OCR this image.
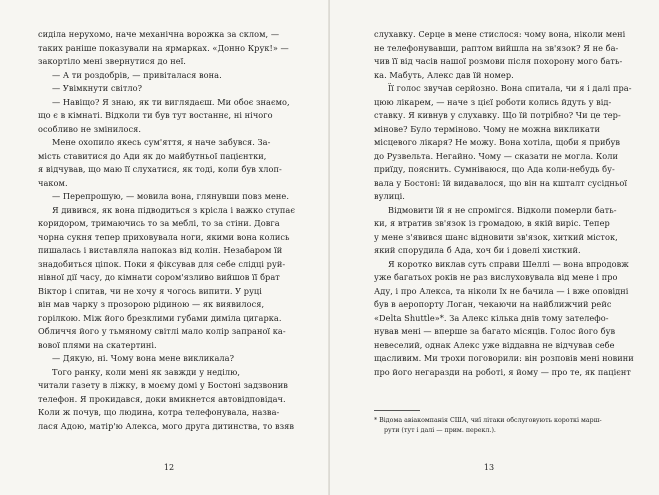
сиділа нерухомо, наче механічна ворожка за склом, —
таких раніше показували на ярмарках. «Донно Крук!» —
закортіло мені звернутися до неї.
— А ти роздобрів, — привіталася вона.
— Увімкнути світло?
— Навіщо? Я знаю, як ти виглядаєш. Ми обоє знаємо,
що є в кімнаті. Відколи ти був тут востаннє, ні нічого
особливо не змінилося.
Мене охопило якесь сум'яття, я наче забувся. За-
мість ставитися до Ади як до майбутньої пацієнтки,
я відчував, що маю її слухатися, як тоді, коли був хлоп-
чаком.
— Перепрошую, — мовила вона, глянувши повз мене.
Я дивився, як вона підводиться з крісла і важко ступає
коридором, тримаючись то за меблі, то за стіни. Довга
чорна сукня тепер приховувала ноги, якими вона колись
пишалась і виставляла напоказ від колін. Незабаром їй
знадобиться ціпок. Поки я фіксував для себе слідці руй-
нівної дії часу, до кімнати сором'язливо вийшов її брат
Віктор і спитав, чи не хочу я чогось випити. У руці
він мав чарку з прозорою рідиною — як виявилося,
горілкою. Між його брезклими губами диміла цигарка.
Обличчя його у тьмяному світлі мало колір запраної ка-
вової плями на скатертині.
— Дякую, ні. Чому вона мене викликала?
Того ранку, коли мені як завжди у неділю,
читали газету в ліжку, в моєму домі у Бостоні задзвонив
телефон. Я прокидався, доки вмикнется автовідповідач.
Коли ж почув, що людина, котра телефонувала, назва-
лася Адою, матір'ю Алекса, мого друга дитинства, то взяв
12
слухавку. Серце в мене стислося: чому вона, ніколи мені
не телефонувавши, раптом вийшла на зв'язок? Я не ба-
чив її від часів нашої розмови після похорону мого бать-
ка. Мабуть, Алекс дав їй номер.
Її голос звучав серйозно. Вона спитала, чи я і далі пра-
цюю лікарем, — наче з цієї роботи колись йдуть у від-
ставку. Я кивнув у слухавку. Що їй потрібно? Чи це тер-
мінове? Було терміново. Чому не можна викликати
місцевого лікаря? Не можу. Вона хотіла, щоби я прибув
до Рузвельта. Негайно. Чому — сказати не могла. Коли
приїду, пояснить. Сумніваюся, що Ада коли-небудь бу-
вала у Бостоні: їй видавалося, що він на кшталт сусідньої
вулиці.
Відмовити їй я не спромігся. Відколи померли бать-
ки, я втратив зв'язок із громадою, в якій виріс. Тепер
у мене з'явився шанс відновити зв'язок, хиткий місток,
який спорудила б Ада, хоч би і довелі хисткий.
Я коротко виклав суть справи Шеллі — вона впродовж
уже багатьох років не раз вислуховувала від мене і про
Аду, і про Алекса, та ніколи їх не бачила — і вже оповідні
був в аеропорту Логан, чекаючи на найближчий рейс
«Delta Shuttle»*. За Алекс кілька днів тому зателефо-
нував мені — вперше за багато місяців. Голос його був
невеселий, однак Алекс уже віддавна не відчував себе
щасливим. Ми трохи поговорили: він розповів мені новини
про його негаразди на роботі, я йому — про те, як пацієнт
* Відома авіакомпанія США, чиї літаки обслуговують короткі марш-
рути (тут і далі — прим. перекл.).
13
